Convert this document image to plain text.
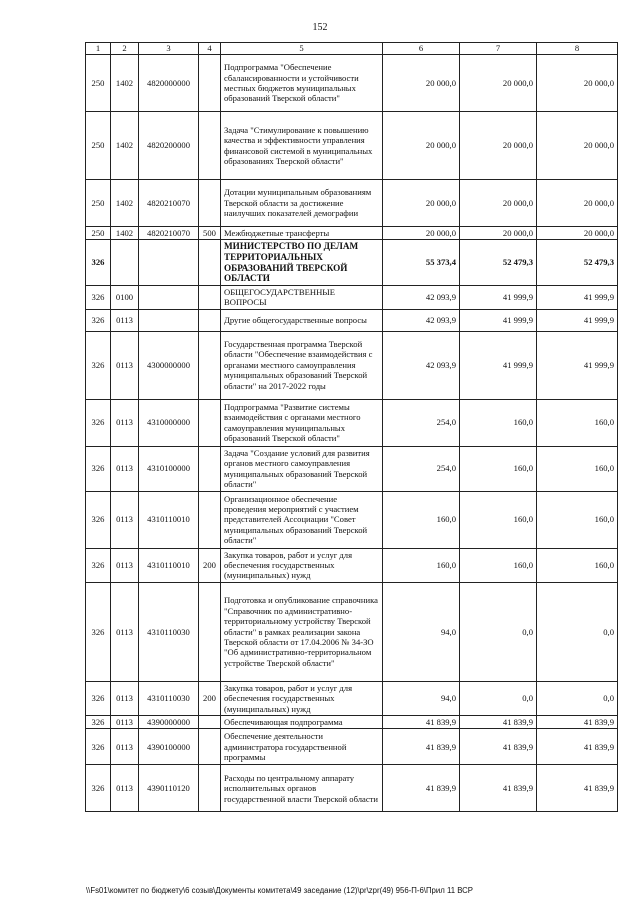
152
1	2	3	4	5	6	7	8
250	1402	4820000000		Подпрограмма "Обеспечение сбалансированности и устойчивости местных бюджетов муниципальных образований Тверской области"	20 000,0	20 000,0	20 000,0
250	1402	4820200000		Задача "Стимулирование к повышению качества и эффективности управления финансовой системой в муниципальных образованиях Тверской области"	20 000,0	20 000,0	20 000,0
250	1402	4820210070		Дотации муниципальным образованиям Тверской области за достижение наилучших показателей демографии	20 000,0	20 000,0	20 000,0
250	1402	4820210070	500	Межбюджетные трансферты	20 000,0	20 000,0	20 000,0
326				МИНИСТЕРСТВО ПО ДЕЛАМ ТЕРРИТОРИАЛЬНЫХ ОБРАЗОВАНИЙ ТВЕРСКОЙ ОБЛАСТИ	55 373,4	52 479,3	52 479,3
326	0100			ОБЩЕГОСУДАРСТВЕННЫЕ ВОПРОСЫ	42 093,9	41 999,9	41 999,9
326	0113			Другие общегосударственные вопросы	42 093,9	41 999,9	41 999,9
326	0113	4300000000		Государственная программа Тверской области "Обеспечение взаимодействия с органами местного самоуправления муниципальных образований Тверской области" на 2017-2022 годы	42 093,9	41 999,9	41 999,9
326	0113	4310000000		Подпрограмма "Развитие системы взаимодействия с органами местного самоуправления муниципальных образований Тверской области"	254,0	160,0	160,0
326	0113	4310100000		Задача "Создание условий для развития органов местного самоуправления муниципальных образований Тверской области"	254,0	160,0	160,0
326	0113	4310110010		Организационное обеспечение проведения мероприятий с участием представителей Ассоциации "Совет муниципальных образований Тверской области"	160,0	160,0	160,0
326	0113	4310110010	200	Закупка товаров, работ и услуг для обеспечения государственных (муниципальных) нужд	160,0	160,0	160,0
326	0113	4310110030		Подготовка и опубликование справочника "Справочник по административно-территориальному устройству Тверской области" в рамках реализации закона Тверской области от 17.04.2006 № 34-ЗО "Об административно-территориальном устройстве Тверской области"	94,0	0,0	0,0
326	0113	4310110030	200	Закупка товаров, работ и услуг для обеспечения государственных (муниципальных) нужд	94,0	0,0	0,0
326	0113	4390000000		Обеспечивающая подпрограмма	41 839,9	41 839,9	41 839,9
326	0113	4390100000		Обеспечение деятельности администратора государственной программы	41 839,9	41 839,9	41 839,9
326	0113	4390110120		Расходы по центральному аппарату исполнительных органов государственной власти Тверской области	41 839,9	41 839,9	41 839,9
\\Fs01\комитет по бюджету\6 созыв\Документы комитета\49 заседание (12)\pr\zpr(49) 956-П-6\Прил 11 ВСР
